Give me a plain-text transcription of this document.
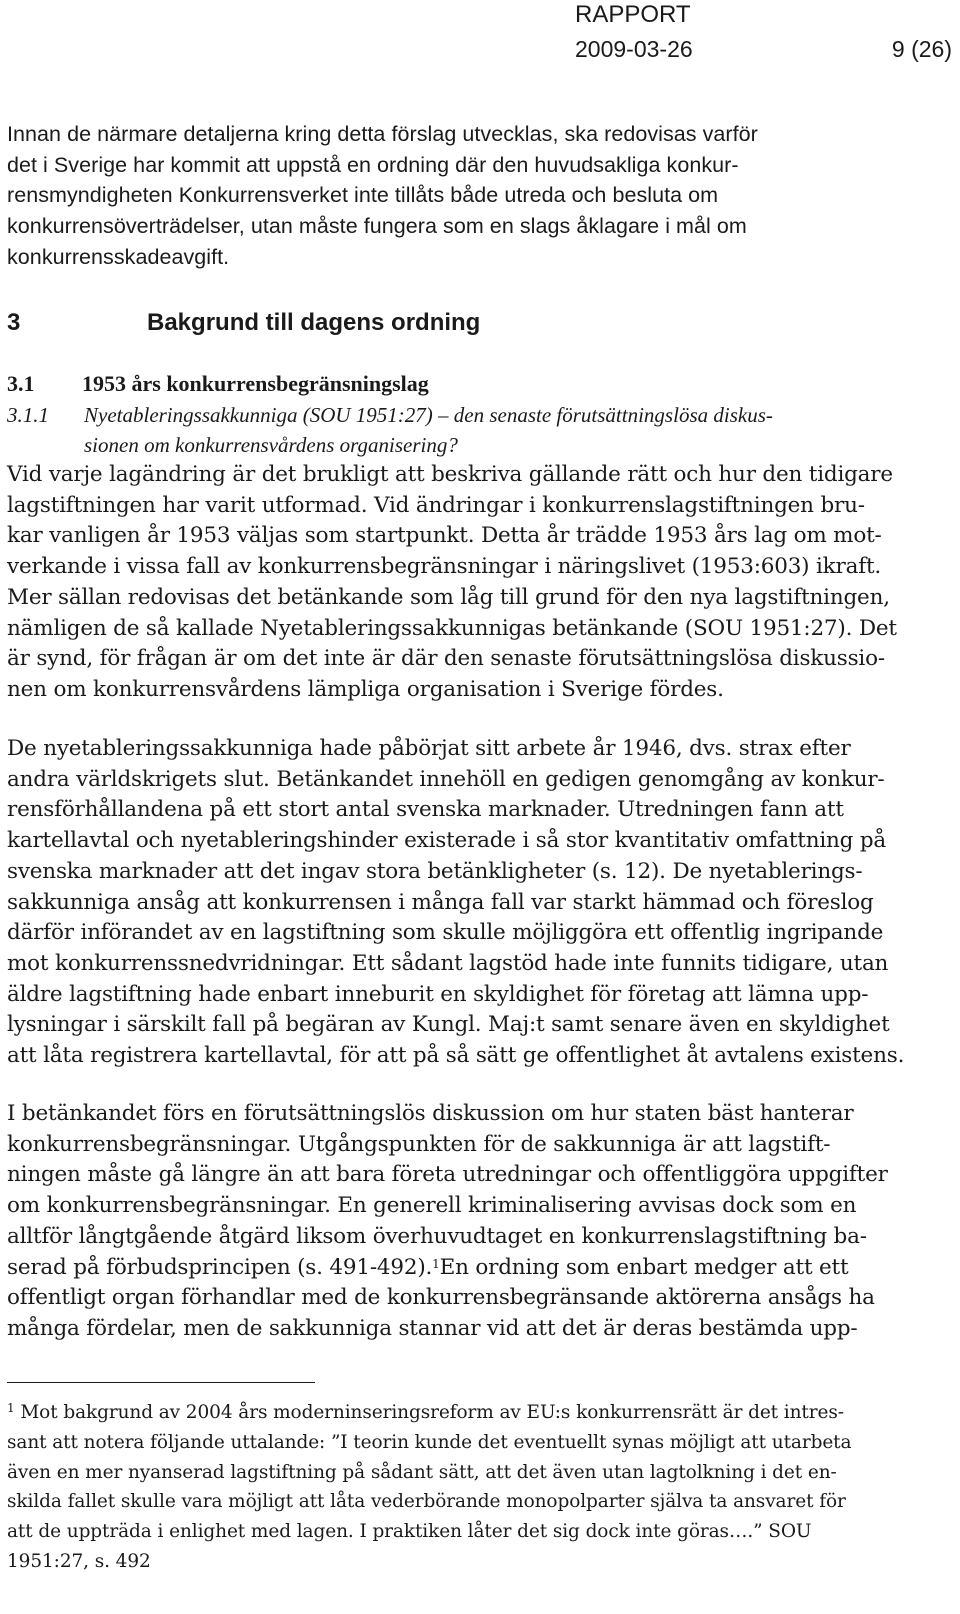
RAPPORT
2009-03-26	9 (26)
Innan de närmare detaljerna kring detta förslag utvecklas, ska redovisas varför
det i Sverige har kommit att uppstå en ordning där den huvudsakliga konkur-
rensmyndigheten Konkurrensverket inte tillåts både utreda och besluta om
konkurrensöverträdelser, utan måste fungera som en slags åklagare i mål om
konkurrensskadeavgift.
3	Bakgrund till dagens ordning
3.1 1953 års konkurrensbegränsningslag
3.1.1 Nyetableringssakkunniga (SOU 1951:27) – den senaste förutsättningslösa diskus-
sionen om konkurrensvårdens organisering?
Vid varje lagändring är det brukligt att beskriva gällande rätt och hur den tidigare
lagstiftningen har varit utformad. Vid ändringar i konkurrenslagstiftningen bru-
kar vanligen år 1953 väljas som startpunkt. Detta år trädde 1953 års lag om mot-
verkande i vissa fall av konkurrensbegränsningar i näringslivet (1953:603) ikraft.
Mer sällan redovisas det betänkande som låg till grund för den nya lagstiftningen,
nämligen de så kallade Nyetableringssakkunnigas betänkande (SOU 1951:27). Det
är synd, för frågan är om det inte är där den senaste förutsättningslösa diskussio-
nen om konkurrensvårdens lämpliga organisation i Sverige fördes.
De nyetableringssakkunniga hade påbörjat sitt arbete år 1946, dvs. strax efter
andra världskrigets slut. Betänkandet innehöll en gedigen genomgång av konkur-
rensförhållandena på ett stort antal svenska marknader. Utredningen fann att
kartellavtal och nyetableringshinder existerade i så stor kvantitativ omfattning på
svenska marknader att det ingav stora betänkligheter (s. 12). De nyetablerings-
sakkunniga ansåg att konkurrensen i många fall var starkt hämmad och föreslog
därför införandet av en lagstiftning som skulle möjliggöra ett offentlig ingripande
mot konkurrenssnedvridningar. Ett sådant lagstöd hade inte funnits tidigare, utan
äldre lagstiftning hade enbart inneburit en skyldighet för företag att lämna upp-
lysningar i särskilt fall på begäran av Kungl. Maj:t samt senare även en skyldighet
att låta registrera kartellavtal, för att på så sätt ge offentlighet åt avtalens existens.
I betänkandet förs en förutsättningslös diskussion om hur staten bäst hanterar
konkurrensbegränsningar. Utgångspunkten för de sakkunniga är att lagstift-
ningen måste gå längre än att bara företa utredningar och offentliggöra uppgifter
om konkurrensbegränsningar. En generell kriminalisering avvisas dock som en
alltför långtgående åtgärd liksom överhuvudtaget en konkurrenslagstiftning ba-
serad på förbudsprincipen (s. 491-492).$^1$En ordning som enbart medger att ett
offentligt organ förhandlar med de konkurrensbegränsande aktörerna ansågs ha
många fördelar, men de sakkunniga stannar vid att det är deras bestämda upp-
$^1$ Mot bakgrund av 2004 års moderninseringsreform av EU:s konkurrensrätt är det intres-
sant att notera följande uttalande: ”I teorin kunde det eventuellt synas möjligt att utarbeta
även en mer nyanserad lagstiftning på sådant sätt, att det även utan lagtolkning i det en-
skilda fallet skulle vara möjligt att låta vederbörande monopolparter själva ta ansvaret för
att de uppträda i enlighet med lagen. I praktiken låter det sig dock inte göras….” SOU
1951:27, s. 492
